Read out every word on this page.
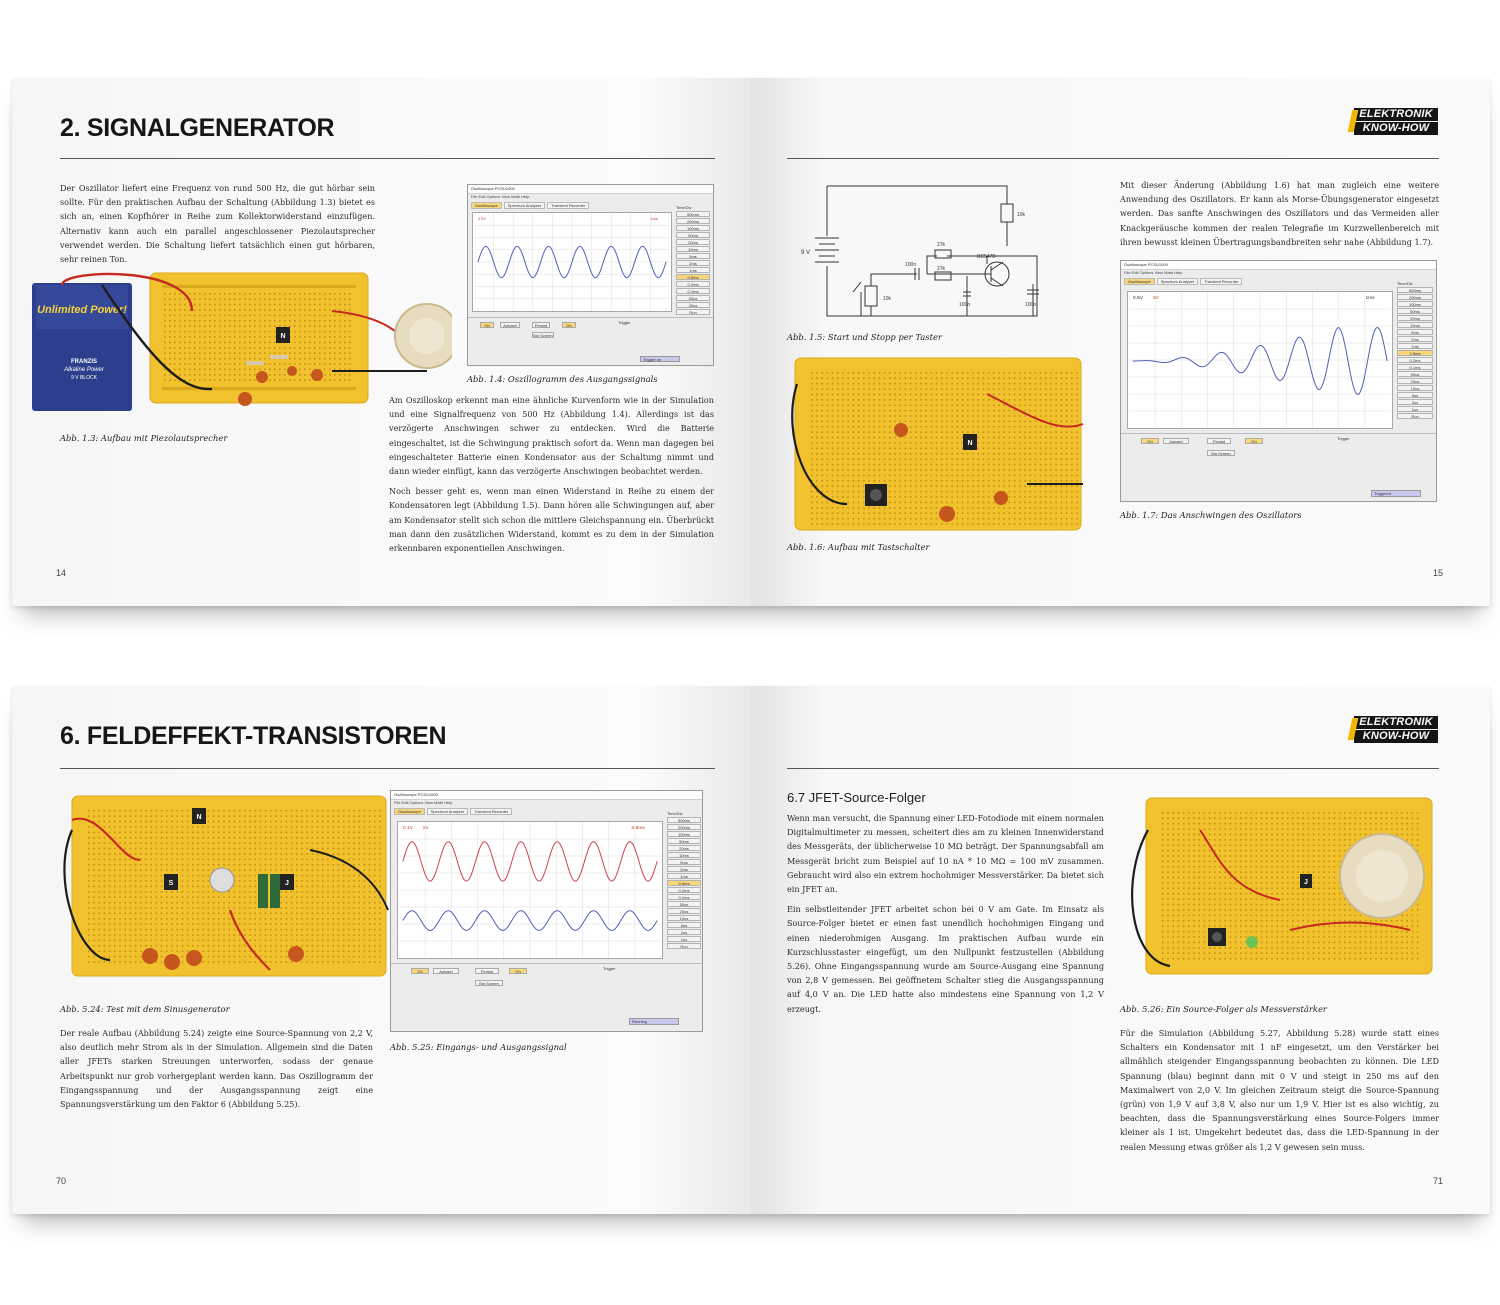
2. SIGNALGENERATOR

Der Oszillator liefert eine Frequenz von rund 500 Hz, die gut hörbar sein sollte. Für den praktischen Aufbau der Schaltung (Abbildung 1.3) bietet es sich an, einen Kopfhörer in Reihe zum Kollektorwiderstand einzufügen. Alternativ kann auch ein parallel angeschlossener Piezolautsprecher verwendet werden. Die Schaltung liefert tatsächlich einen gut hörbaren, sehr reinen Ton.

Unlimited Power!
FRANZIS
Alkaline Power
9 V BLOCK
N
Abb. 1.3: Aufbau mit Piezolautsprecher
Oszilloscope PCSU1000
File Edit Options View Math Help
Oscilloscope	Spectrum Analyzer	Transient Recorder
0.5V	1ms
Time/Div
500ms
200ms
100ms
50ms
20ms
10ms
5ms
2ms
1ms
0.5ms
0.2ms
0.1ms
50us
20us
Run
On	Autoset	Persist	On
Big Screen
Trigger
Trigger on
Abb. 1.4: Oszillogramm des Ausgangssignals

Am Oszilloskop erkennt man eine ähnliche Kurvenform wie in der Simulation und eine Signalfrequenz von 500 Hz (Abbildung 1.4). Allerdings ist das verzögerte Anschwingen schwer zu entdecken. Wird die Batterie eingeschaltet, ist die Schwingung praktisch sofort da. Wenn man dagegen bei eingeschalteter Batterie einen Kondensator aus der Schaltung nimmt und dann wieder einfügt, kann das verzögerte Anschwingen beobachtet werden.

Noch besser geht es, wenn man einen Widerstand in Reihe zu einem der Kondensatoren legt (Abbildung 1.5). Dann hören alle Schwingungen auf, aber am Kondensator stellt sich schon die mittlere Gleichspannung ein. Überbrückt man dann den zusätzlichen Widerstand, kommt es zu dem in der Simulation erkennbaren exponentiellen Anschwingen.

14
ELEKTRONIK
KNOW-HOW
9 V
10k
27k
27k
10k
100n
100n	100n
BC547B
Abb. 1.5: Start und Stopp per Taster
N
Abb. 1.6: Aufbau mit Tastschalter

Mit dieser Änderung (Abbildung 1.6) hat man zugleich eine weitere Anwendung des Oszillators. Er kann als Morse-Übungsgenerator eingesetzt werden. Das sanfte Anschwingen des Oszillators und das Vermeiden aller Knackgeräusche kommen der realen Telegrafie im Kurzwellenbereich mit ihren bewusst kleinen Übertragungsbandbreiten sehr nahe (Abbildung 1.7).

Oszilloscope PCSU1000
File Edit Options View Math Help
Oscilloscope	Spectrum Analyzer	Transient Recorder
0.5V 1V	1ms
Time/Div
500ms
200ms
100ms
50ms
20ms
10ms
5ms
2ms
1ms
0.5ms
0.2ms
0.1ms
50us
20us
10us
5us
2us
1us
Run
On	Autoset	Persist	On
Big Screen
Trigger
Triggered
Abb. 1.7: Das Anschwingen des Oszillators
15
6. FELDEFFEKT-TRANSISTOREN
N
S	J
Abb. 5.24: Test mit dem Sinusgenerator
Oszilloscope PCSU1000
File Edit Options View Math Help
Oscilloscope	Spectrum Analyzer	Transient Recorder
0.1V 1V	0.5ms
Time/Div
500ms
200ms
100ms
50ms
20ms
10ms
5ms
2ms
1ms
0.5ms
0.2ms
0.1ms
50us
20us
10us
5us
2us
1us
Run
On	Autoset	Persist	On
Big Screen
Trigger
Running
Abb. 5.25: Eingangs- und Ausgangssignal

Der reale Aufbau (Abbildung 5.24) zeigte eine Source-Spannung von 2,2 V, also deutlich mehr Strom als in der Simulation. Allgemein sind die Daten aller JFETs starken Streuungen unterworfen, sodass der genaue Arbeitspunkt nur grob vorhergeplant werden kann. Das Oszillogramm der Eingangsspannung und der Ausgangsspannung zeigt eine Spannungsverstärkung um den Faktor 6 (Abbildung 5.25).

70
ELEKTRONIK
KNOW-HOW
6.7 JFET-Source-Folger

Wenn man versucht, die Spannung einer LED-Fotodiode mit einem normalen Digitalmultimeter zu messen, scheitert dies am zu kleinen Innenwiderstand des Messgeräts, der üblicherweise 10 MΩ beträgt. Der Spannungsabfall am Messgerät bricht zum Beispiel auf 10 nA * 10 MΩ = 100 mV zusammen. Gebraucht wird also ein extrem hochohmiger Messverstärker. Da bietet sich ein JFET an.

Ein selbstleitender JFET arbeitet schon bei 0 V am Gate. Im Einsatz als Source-Folger bietet er einen fast unendlich hochohmigen Eingang und einen niederohmigen Ausgang. Im praktischen Aufbau wurde ein Kurzschlusstaster eingefügt, um den Nullpunkt festzustellen (Abbildung 5.26). Ohne Eingangsspannung wurde am Source-Ausgang eine Spannung von 2,8 V gemessen. Bei geöffnetem Schalter stieg die Ausgangsspannung auf 4,0 V an. Die LED hatte also mindestens eine Spannung von 1,2 V erzeugt.

J
Abb. 5.26: Ein Source-Folger als Messverstärker

Für die Simulation (Abbildung 5.27, Abbildung 5.28) wurde statt eines Schalters ein Kondensator mit 1 nF eingesetzt, um den Verstärker bei allmählich steigender Eingangsspannung beobachten zu können. Die LED Spannung (blau) beginnt dann mit 0 V und steigt in 250 ms auf den Maximalwert von 2,0 V. Im gleichen Zeitraum steigt die Source-Spannung (grün) von 1,9 V auf 3,8 V, also nur um 1,9 V. Hier ist es also wichtig, zu beachten, dass die Spannungsverstärkung eines Source-Folgers immer kleiner als 1 ist. Umgekehrt bedeutet das, dass die LED-Spannung in der realen Messung etwas größer als 1,2 V gewesen sein muss.

71
